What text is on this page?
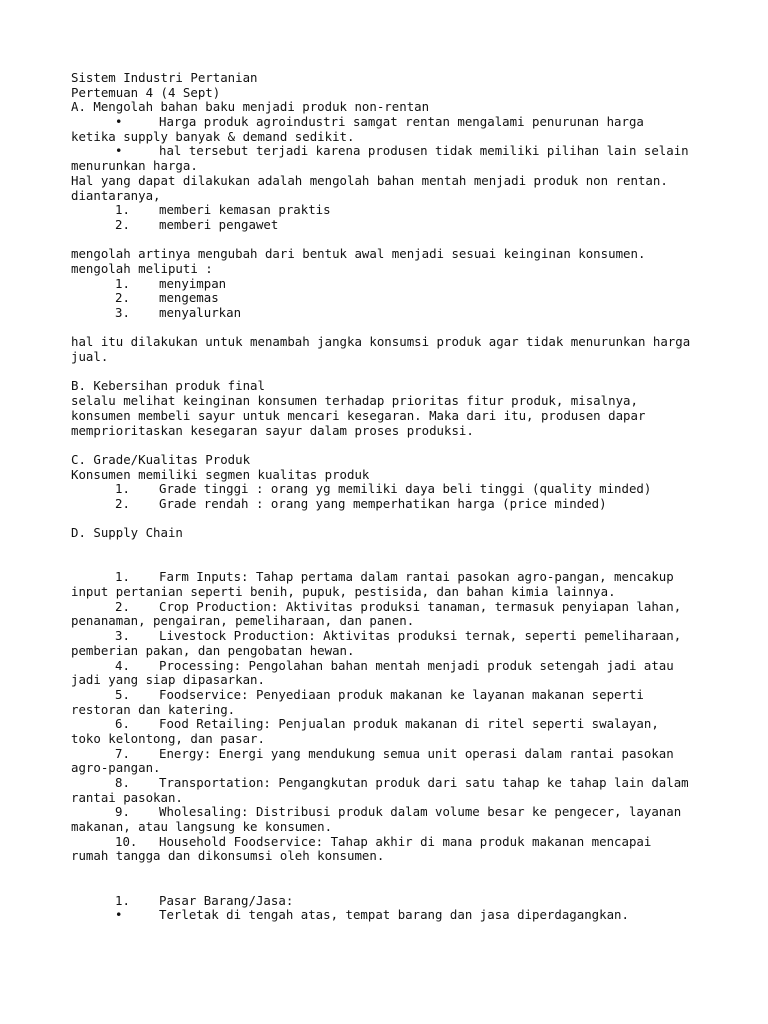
Sistem Industri Pertanian
Pertemuan 4 (4 Sept)
A. Mengolah bahan baku menjadi produk non-rentan
•	Harga produk agroindustri samgat rentan mengalami penurunan harga
ketika supply banyak & demand sedikit.
•	hal tersebut terjadi karena produsen tidak memiliki pilihan lain selain
menurunkan harga.
Hal yang dapat dilakukan adalah mengolah bahan mentah menjadi produk non rentan.
diantaranya,
1. memberi kemasan praktis
2. memberi pengawet
mengolah artinya mengubah dari bentuk awal menjadi sesuai keinginan konsumen.
mengolah meliputi :
1. menyimpan
2. mengemas
3. menyalurkan
hal itu dilakukan untuk menambah jangka konsumsi produk agar tidak menurunkan harga
jual.
B. Kebersihan produk final
selalu melihat keinginan konsumen terhadap prioritas fitur produk, misalnya,
konsumen membeli sayur untuk mencari kesegaran. Maka dari itu, produsen dapar
memprioritaskan kesegaran sayur dalam proses produksi.
C. Grade/Kualitas Produk
Konsumen memiliki segmen kualitas produk
1. Grade tinggi : orang yg memiliki daya beli tinggi (quality minded)
2. Grade rendah : orang yang memperhatikan harga (price minded)
D. Supply Chain
1. Farm Inputs: Tahap pertama dalam rantai pasokan agro-pangan, mencakup
input pertanian seperti benih, pupuk, pestisida, dan bahan kimia lainnya.
2. Crop Production: Aktivitas produksi tanaman, termasuk penyiapan lahan,
penanaman, pengairan, pemeliharaan, dan panen.
3. Livestock Production: Aktivitas produksi ternak, seperti pemeliharaan,
pemberian pakan, dan pengobatan hewan.
4. Processing: Pengolahan bahan mentah menjadi produk setengah jadi atau
jadi yang siap dipasarkan.
5. Foodservice: Penyediaan produk makanan ke layanan makanan seperti
restoran dan katering.
6. Food Retailing: Penjualan produk makanan di ritel seperti swalayan,
toko kelontong, dan pasar.
7. Energy: Energi yang mendukung semua unit operasi dalam rantai pasokan
agro-pangan.
8. Transportation: Pengangkutan produk dari satu tahap ke tahap lain dalam
rantai pasokan.
9. Wholesaling: Distribusi produk dalam volume besar ke pengecer, layanan
makanan, atau langsung ke konsumen.
10. Household Foodservice: Tahap akhir di mana produk makanan mencapai
rumah tangga dan dikonsumsi oleh konsumen.
1. Pasar Barang/Jasa:
•	Terletak di tengah atas, tempat barang dan jasa diperdagangkan.
